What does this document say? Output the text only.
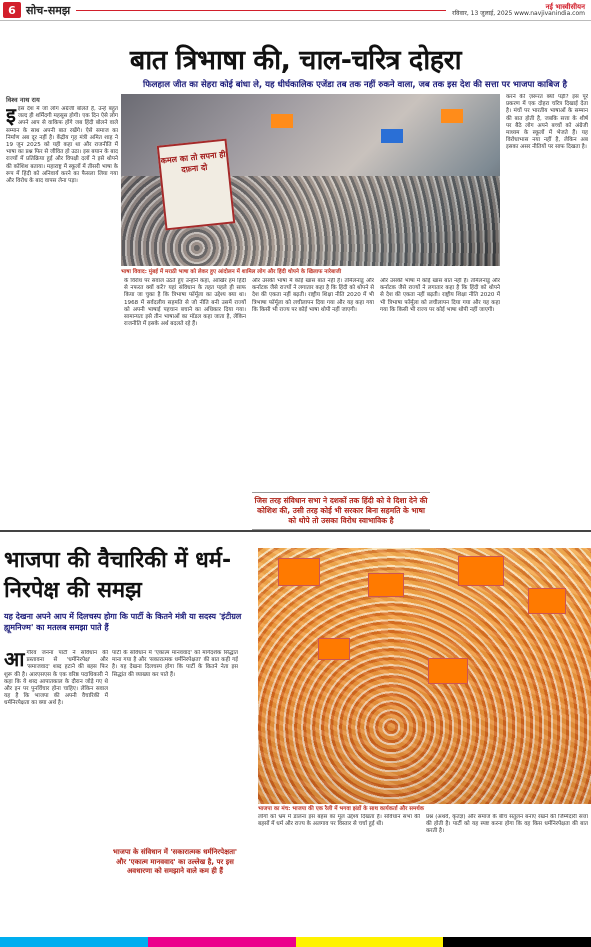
6 सोच-समझ	नई भास्वीसीयन
रविवार, 13 जुलाई, 2025 www.navjivanindia.com
बात त्रिभाषा की, चाल-चरित्र दोहरा
फिलहाल जीत का सेहरा कोई बांधा ले, यह धीर्घकालिक एजेंडा तब तक नहीं रुकने वाला, जब तक इस देश की सत्ता पर भाजपा काबिज है
विश्व नाथ राय
इइस देश में जो लोग अंग्रेजी बोलते हैं, उन्हें बहुत जल्द ही शर्मिंदगी महसूस होगी। एक दिन ऐसे लोग अपने आप से वाकिफ होंगे जब हिंदी बोलने वाले सम्मान के साथ अपनी बात रखेंगे। ऐसे समाज का निर्माण अब दूर नहीं है। केंद्रीय गृह मंत्री अमित शाह ने 19 जून 2025 को यही कहा था और राजनीति में भाषा का प्रश्न फिर से जीवित हो उठा। इस बयान के बाद राज्यों में प्रतिक्रिया हुई और विपक्षी दलों ने इसे थोपने की कोशिश बताया। महाराष्ट्र में स्कूलों में तीसरी भाषा के रूप में हिंदी को अनिवार्य करने का फैसला लिया गया और विरोध के बाद वापस लेना पड़ा।
कमल का तो सपना ही दफ़ना दो
भाषा विवाद: मुंबई में मराठी भाषा को लेकर हुए आंदोलन में शामिल लोग और हिंदी थोपने के खिलाफ नारेबाजी
के विरोध पर सवाल उठते हुए उन्होंने कहा, आखिर हम हिंदी से नफरत क्यों करें? यहां संविधान के तहत पहले ही साफ किया जा चुका है कि त्रिभाषा फॉर्मूला का उद्देश्य क्या था। 1968 में सर्वदलीय सहमति से जो नीति बनी उसमें राज्यों को अपनी भाषाई पहचान बचाने का अधिकार दिया गया। सामान्यतः इसे तीन भाषाओं का मॉडल कहा जाता है, लेकिन राजनीति में इसके अर्थ बदलते रहे हैं।
और उसकी भाषा में कोई खास बात नहीं है। तमिलनाडु और कर्नाटक जैसे राज्यों ने लगातार कहा है कि हिंदी को थोपने से देश की एकता नहीं बढ़ती। राष्ट्रीय शिक्षा नीति 2020 में भी त्रिभाषा फॉर्मूला को लचीलापन दिया गया और यह कहा गया कि किसी भी राज्य पर कोई भाषा थोपी नहीं जाएगी।
और उसकी भाषा में कोई खास बात नहीं है। तमिलनाडु और कर्नाटक जैसे राज्यों ने लगातार कहा है कि हिंदी को थोपने से देश की एकता नहीं बढ़ती। राष्ट्रीय शिक्षा नीति 2020 में भी त्रिभाषा फॉर्मूला को लचीलापन दिया गया और यह कहा गया कि किसी भी राज्य पर कोई भाषा थोपी नहीं जाएगी।
करने की ज़रूरत क्यों पड़ी? इस पूरे प्रकरण में एक दोहरा चरित्र दिखाई देता है। मंचों पर भारतीय भाषाओं के सम्मान की बात होती है, जबकि सत्ता के शीर्ष पर बैठे लोग अपने बच्चों को अंग्रेजी माध्यम के स्कूलों में भेजते हैं। यह विरोधाभास नया नहीं है, लेकिन अब इसका असर नीतियों पर साफ दिखता है।
जिस तरह संविधान सभा ने दशकों तक हिंदी को वे दिशा देने की कोशिश की, उसी तरह कोई भी सरकार बिना सहमति के भाषा को थोपे तो उसका विरोध स्वाभाविक है
भाजपा की वैचारिकी में धर्म-निरपेक्ष की समझ
यह देखना अपने आप में दिलचस्प होगा कि पार्टी के कितने मंत्री या सदस्य 'इंटीग्रल ह्यूमनिज्म' का मतलब समझा पाते हैं
भाजपा का मंच: भाजपा की एक रैली में भगवा झंडों के साथ कार्यकर्ता और समर्थक
आगौरव जनना पार्टी ने संविधान की प्रस्तावना से 'धर्मनिरपेक्ष' और 'समाजवाद' शब्द हटाने की बहस फिर शुरू की है। आरएसएस के एक वरिष्ठ पदाधिकारी ने कहा कि ये शब्द आपातकाल के दौरान जोड़े गए थे और इन पर पुनर्विचार होना चाहिए। लेकिन सवाल यह है कि भाजपा की अपनी वैचारिकी में धर्मनिरपेक्षता का क्या अर्थ है।
पार्टी के संविधान में 'एकात्म मानववाद' को मार्गदर्शक सिद्धांत माना गया है और 'सकारात्मक धर्मनिरपेक्षता' की बात कही गई है। यह देखना दिलचस्प होगा कि पार्टी के कितने नेता इस सिद्धांत की व्याख्या कर पाते हैं।
भाजपा के संविधान में 'सकारात्मक धर्मनिरपेक्षता' और 'एकात्म मानववाद' का उल्लेख है, पर इस अवधारणा को समझाने वाले कम ही हैं
लोगों को भ्रम में डालना इस बहस का मूल उद्देश्य दिखता है। संविधान सभा की बहसों में धर्म और राज्य के अलगाव पर विस्तार से चर्चा हुई थी।
प्रश्न (अथर्व, कृतज्ञ) और समाज के बीच संतुलन बनाए रखने की जिम्मेदारी सत्ता की होती है। पार्टी को यह स्पष्ट करना होगा कि वह किस धर्मनिरपेक्षता की बात करती है।
